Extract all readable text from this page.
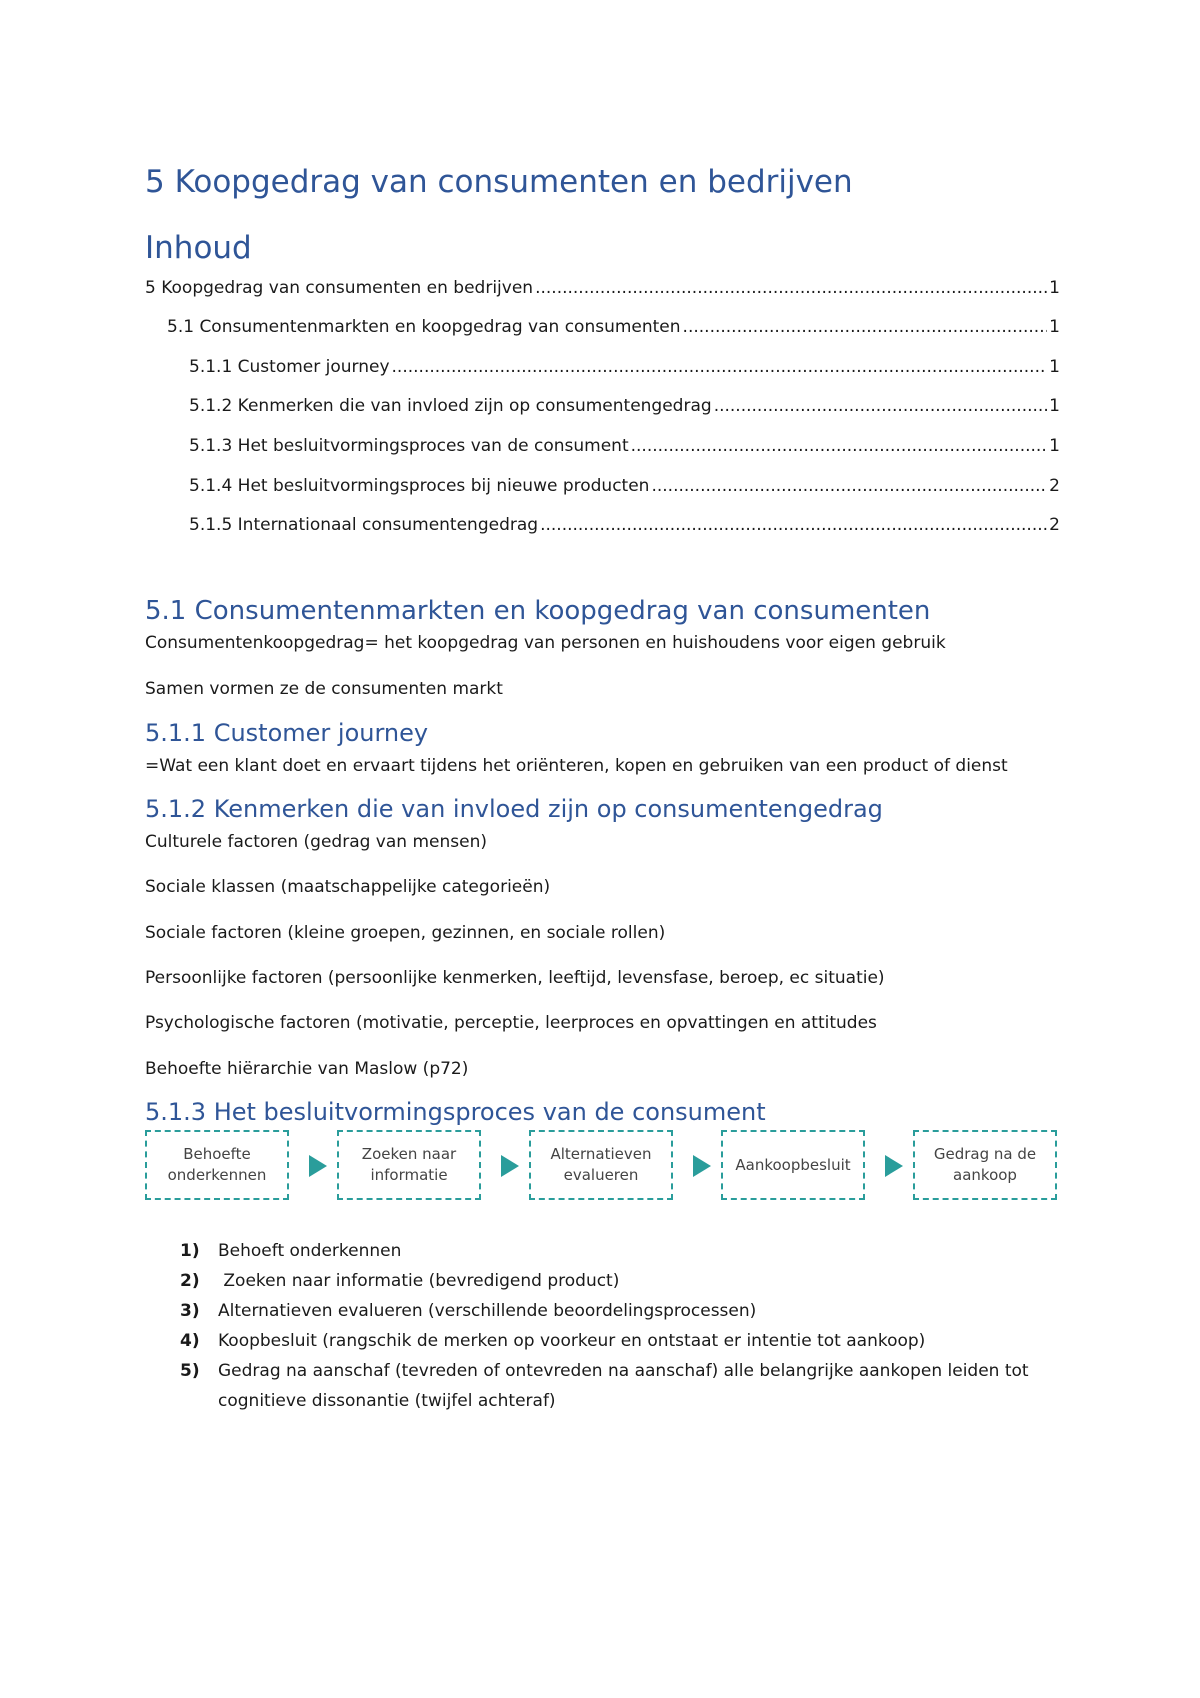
5 Koopgedrag van consumenten en bedrijven
Inhoud
5 Koopgedrag van consumenten en bedrijven .....	1
5.1 Consumentenmarkten en koopgedrag van consumenten .....	1
5.1.1 Customer journey .....	1
5.1.2 Kenmerken die van invloed zijn op consumentengedrag .....	1
5.1.3 Het besluitvormingsproces van de consument .....	1
5.1.4 Het besluitvormingsproces bij nieuwe producten .....	2
5.1.5 Internationaal consumentengedrag .....	2
5.1 Consumentenmarkten en koopgedrag van consumenten

Consumentenkoopgedrag= het koopgedrag van personen en huishoudens voor eigen gebruik

Samen vormen ze de consumenten markt

5.1.1 Customer journey

=Wat een klant doet en ervaart tijdens het oriënteren, kopen en gebruiken van een product of dienst

5.1.2 Kenmerken die van invloed zijn op consumentengedrag

Culturele factoren (gedrag van mensen)

Sociale klassen (maatschappelijke categorieën)

Sociale factoren (kleine groepen, gezinnen, en sociale rollen)

Persoonlijke factoren (persoonlijke kenmerken, leeftijd, levensfase, beroep, ec situatie)

Psychologische factoren (motivatie, perceptie, leerproces en opvattingen en attitudes

Behoefte hiërarchie van Maslow (p72)

5.1.3 Het besluitvormingsproces van de consument
Behoefte
onderkennen
Zoeken naar
informatie
Alternatieven
evalueren
Aankoopbesluit
Gedrag na de
aankoop
1) Behoeft onderkennen
2) Zoeken naar informatie (bevredigend product)
3) Alternatieven evalueren (verschillende beoordelingsprocessen)
4) Koopbesluit (rangschik de merken op voorkeur en ontstaat er intentie tot aankoop)
5) Gedrag na aanschaf (tevreden of ontevreden na aanschaf) alle belangrijke aankopen leiden tot cognitieve dissonantie (twijfel achteraf)
